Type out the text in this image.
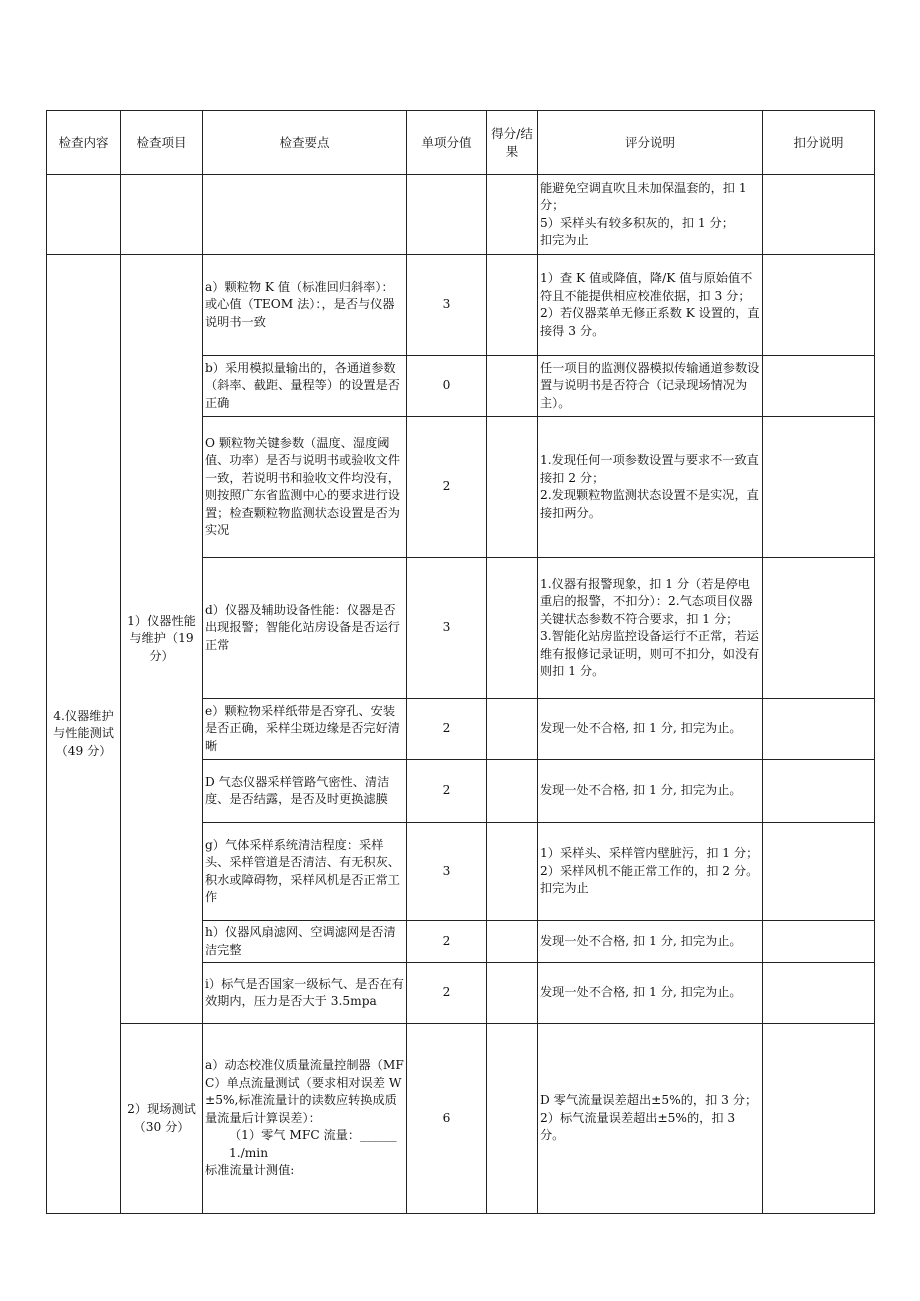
检查内容	检查项目	检查要点	单项分值	得分/结果	评分说明	扣分说明

					能避免空调直吹且未加保温套的，扣 1 分；
5）采样头有较多积灰的，扣 1 分；
扣完为止	

4.仪器维护与性能测试（49 分）	1）仪器性能与维护（19 分）	a）颗粒物 K 值（标准回归斜率）：或心值（TEOM 法）：，是否与仪器说明书一致	3		1）查 K 值或降值，降/K 值与原始值不符且不能提供相应校准依据，扣 3 分；
2）若仪器菜单无修正系数 K 设置的，直接得 3 分。	

		b）采用模拟量输出的，各通道参数（斜率、截距、量程等）的设置是否正确	0		任一项目的监测仪器模拟传输通道参数设置与说明书是否符合（记录现场情况为主）。	

		O 颗粒物关键参数（温度、湿度阈值、功率）是否与说明书或验收文件一致，若说明书和验收文件均没有，则按照广东省监测中心的要求进行设置；检查颗粒物监测状态设置是否为实况	2		1.发现任何一项参数设置与要求不一致直接扣 2 分；
2.发现颗粒物监测状态设置不是实况，直接扣两分。	

		d）仪器及辅助设备性能：仪器是否出现报警；智能化站房设备是否运行正常	3		1.仪器有报警现象，扣 1 分（若是停电重启的报警，不扣分）：2.气态项目仪器关键状态参数不符合要求，扣 1 分；
3.智能化站房监控设备运行不正常，若运维有报修记录证明，则可不扣分，如没有则扣 1 分。	

		e）颗粒物采样纸带是否穿孔、安装是否正确，采样尘斑边缘是否完好清晰	2		发现一处不合格, 扣 1 分, 扣完为止。	

		D 气态仪器采样管路气密性、清洁度、是否结露，是否及时更换滤膜	2		发现一处不合格, 扣 1 分, 扣完为止。	

		g）气体采样系统清洁程度：采样头、采样管道是否清洁、有无积灰、积水或障碍物，采样风机是否正常工作	3		1）采样头、采样管内壁脏污，扣 1 分；
2）采样风机不能正常工作的，扣 2 分。
扣完为止	

		h）仪器风扇滤网、空调滤网是否清洁完整	2		发现一处不合格, 扣 1 分, 扣完为止。	

		i）标气是否国家一级标气、是否在有效期内，压力是否大于 3.5mpa	2		发现一处不合格, 扣 1 分, 扣完为止。	

	2）现场测试（30 分）	a）动态校准仪质量流量控制器（MFC）单点流量测试（要求相对误差 W±5%,标准流量计的读数应转换成质量流量后计算误差）：
（1）零气 MFC 流量：______ 1./min
标准流量计测值:	6		D 零气流量误差超出±5%的，扣 3 分；
2）标气流量误差超出±5%的，扣 3 分。	
